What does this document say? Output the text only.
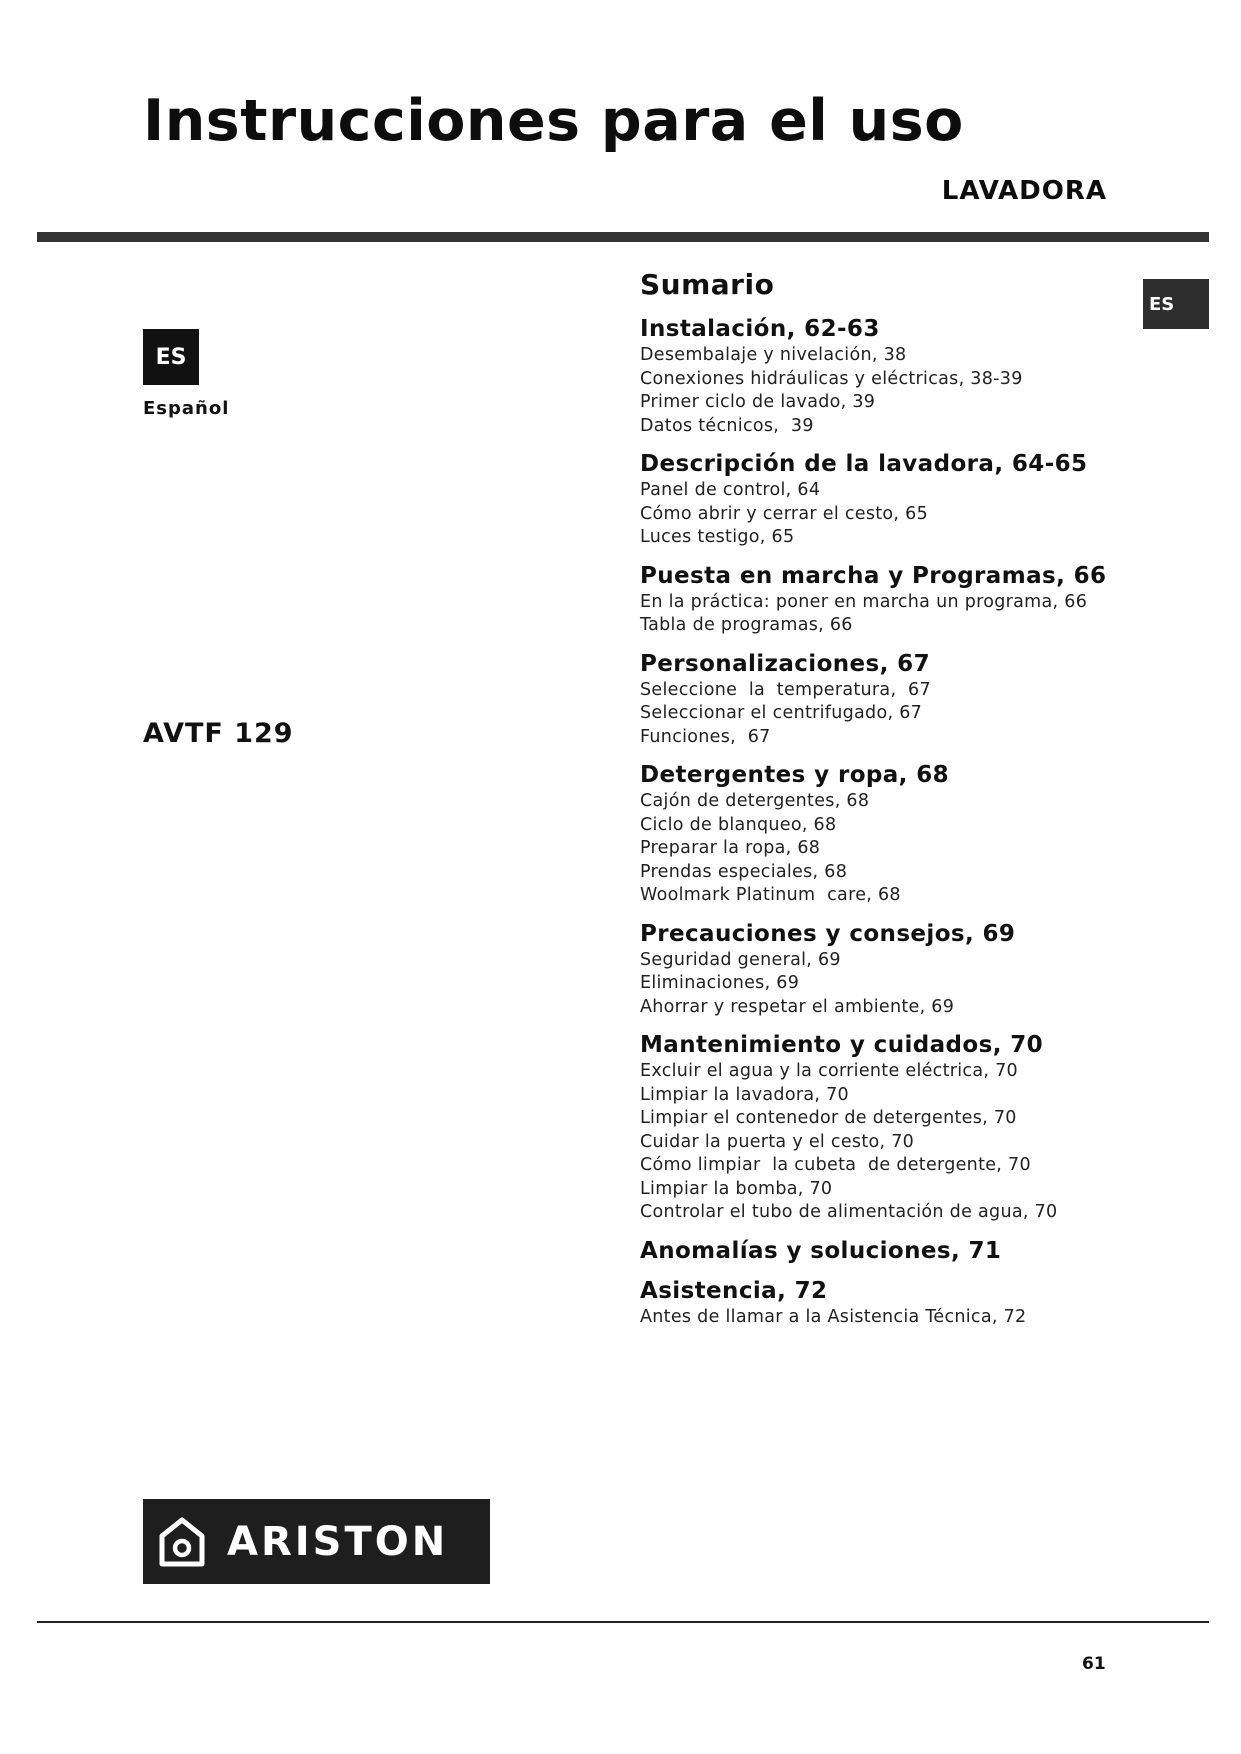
Instrucciones para el uso
LAVADORA
ES
Español
ES
AVTF 129
Sumario
Instalación, 62-63
Desembalaje y nivelación, 38
Conexiones hidráulicas y eléctricas, 38-39
Primer ciclo de lavado, 39
Datos técnicos,  39
Descripción de la lavadora, 64-65
Panel de control, 64
Cómo abrir y cerrar el cesto, 65
Luces testigo, 65
Puesta en marcha y Programas, 66
En la práctica: poner en marcha un programa, 66
Tabla de programas, 66
Personalizaciones, 67
Seleccione  la  temperatura,  67
Seleccionar el centrifugado, 67
Funciones,  67
Detergentes y ropa, 68
Cajón de detergentes, 68
Ciclo de blanqueo, 68
Preparar la ropa, 68
Prendas especiales, 68
Woolmark Platinum  care, 68
Precauciones y consejos, 69
Seguridad general, 69
Eliminaciones, 69
Ahorrar y respetar el ambiente, 69
Mantenimiento y cuidados, 70
Excluir el agua y la corriente eléctrica, 70
Limpiar la lavadora, 70
Limpiar el contenedor de detergentes, 70
Cuidar la puerta y el cesto, 70
Cómo limpiar  la cubeta  de detergente, 70
Limpiar la bomba, 70
Controlar el tubo de alimentación de agua, 70
Anomalías y soluciones, 71
Asistencia, 72
Antes de llamar a la Asistencia Técnica, 72
ARISTON
61
